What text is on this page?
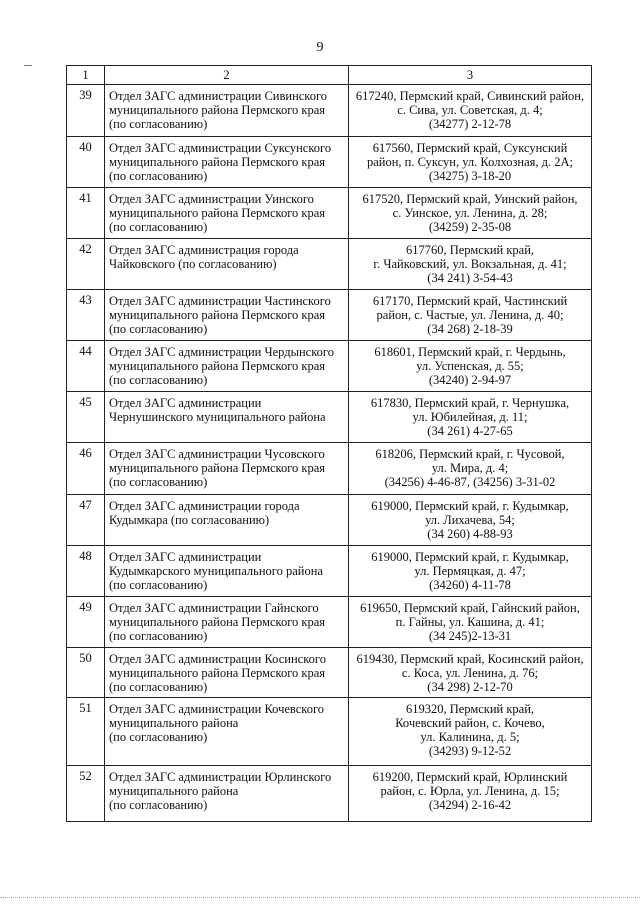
9
1	2	3
39	Отдел ЗАГС администрации Сивинского
муниципального района Пермского края
(по согласованию)	617240, Пермский край, Сивинский район,
с. Сива, ул. Советская, д. 4;
(34277) 2-12-78

40	Отдел ЗАГС администрации Суксунского
муниципального района Пермского края
(по согласованию)	617560, Пермский край, Суксунский
район, п. Суксун, ул. Колхозная, д. 2А;
(34275) 3-18-20

41	Отдел ЗАГС администрации Уинского
муниципального района Пермского края
(по согласованию)	617520, Пермский край, Уинский район,
с. Уинское, ул. Ленина, д. 28;
(34259) 2-35-08

42	Отдел ЗАГС администрация города
Чайковского (по согласованию)	617760, Пермский край,
г. Чайковский, ул. Вокзальная, д. 41;
(34 241) 3-54-43

43	Отдел ЗАГС администрации Частинского
муниципального района Пермского края
(по согласованию)	617170, Пермский край, Частинский
район, с. Частые, ул. Ленина, д. 40;
(34 268) 2-18-39

44	Отдел ЗАГС администрации Чердынского
муниципального района Пермского края
(по согласованию)	618601, Пермский край, г. Чердынь,
ул. Успенская, д. 55;
(34240) 2-94-97

45	Отдел ЗАГС администрации
Чернушинского муниципального района	617830, Пермский край, г. Чернушка,
ул. Юбилейная, д. 11;
(34 261) 4-27-65

46	Отдел ЗАГС администрации Чусовского
муниципального района Пермского края
(по согласованию)	618206, Пермский край, г. Чусовой,
ул. Мира, д. 4;
(34256) 4-46-87, (34256) 3-31-02

47	Отдел ЗАГС администрации города
Кудымкара (по согласованию)	619000, Пермский край, г. Кудымкар,
ул. Лихачева, 54;
(34 260) 4-88-93

48	Отдел ЗАГС администрации
Кудымкарского муниципального района
(по согласованию)	619000, Пермский край, г. Кудымкар,
ул. Пермяцкая, д. 47;
(34260) 4-11-78

49	Отдел ЗАГС администрации Гайнского
муниципального района Пермского края
(по согласованию)	619650, Пермский край, Гайнский район,
п. Гайны, ул. Кашина, д. 41;
(34 245)2-13-31

50	Отдел ЗАГС администрации Косинского
муниципального района Пермского края
(по согласованию)	619430, Пермский край, Косинский район,
с. Коса, ул. Ленина, д. 76;
(34 298) 2-12-70

51	Отдел ЗАГС администрации Кочевского
муниципального района
(по согласованию)	619320, Пермский край,
Кочевский район, с. Кочево,
ул. Калинина, д. 5;
(34293) 9-12-52

52	Отдел ЗАГС администрации Юрлинского
муниципального района
(по согласованию)	619200, Пермский край, Юрлинский
район, с. Юрла, ул. Ленина, д. 15;
(34294) 2-16-42
